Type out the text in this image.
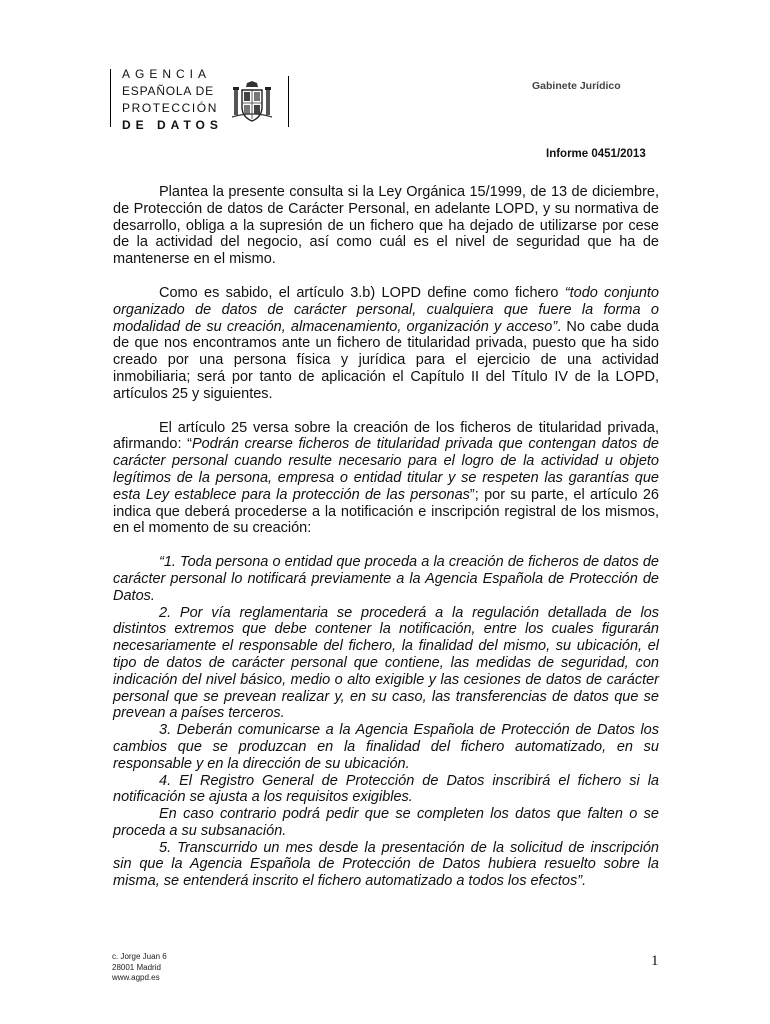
AGENCIA
ESPAÑOLA DE
PROTECCIÓN
DE DATOS
Gabinete Jurídico
Informe 0451/2013

Plantea la presente consulta si la Ley Orgánica 15/1999, de 13 de diciembre, de Protección de datos de Carácter Personal, en adelante LOPD, y su normativa de desarrollo, obliga a la supresión de un fichero que ha dejado de utilizarse por cese de la actividad del negocio, así como cuál es el nivel de seguridad que ha de mantenerse en el mismo.

Como es sabido, el artículo 3.b) LOPD define como fichero “todo conjunto organizado de datos de carácter personal, cualquiera que fuere la forma o modalidad de su creación, almacenamiento, organización y acceso”. No cabe duda de que nos encontramos ante un fichero de titularidad privada, puesto que ha sido creado por una persona física y jurídica para el ejercicio de una actividad inmobiliaria; será por tanto de aplicación el Capítulo II del Título IV de la LOPD, artículos 25 y siguientes.

El artículo 25 versa sobre la creación de los ficheros de titularidad privada, afirmando: “Podrán crearse ficheros de titularidad privada que contengan datos de carácter personal cuando resulte necesario para el logro de la actividad u objeto legítimos de la persona, empresa o entidad titular y se respeten las garantías que esta Ley establece para la protección de las personas”; por su parte, el artículo 26 indica que deberá procederse a la notificación e inscripción registral de los mismos, en el momento de su creación:

“1. Toda persona o entidad que proceda a la creación de ficheros de datos de carácter personal lo notificará previamente a la Agencia Española de Protección de Datos.

2. Por vía reglamentaria se procederá a la regulación detallada de los distintos extremos que debe contener la notificación, entre los cuales figurarán necesariamente el responsable del fichero, la finalidad del mismo, su ubicación, el tipo de datos de carácter personal que contiene, las medidas de seguridad, con indicación del nivel básico, medio o alto exigible y las cesiones de datos de carácter personal que se prevean realizar y, en su caso, las transferencias de datos que se prevean a países terceros.

3. Deberán comunicarse a la Agencia Española de Protección de Datos los cambios que se produzcan en la finalidad del fichero automatizado, en su responsable y en la dirección de su ubicación.

4. El Registro General de Protección de Datos inscribirá el fichero si la notificación se ajusta a los requisitos exigibles.

En caso contrario podrá pedir que se completen los datos que falten o se proceda a su subsanación.

5. Transcurrido un mes desde la presentación de la solicitud de inscripción sin que la Agencia Española de Protección de Datos hubiera resuelto sobre la misma, se entenderá inscrito el fichero automatizado a todos los efectos”.

c. Jorge Juan 6
28001 Madrid
www.agpd.es
1
